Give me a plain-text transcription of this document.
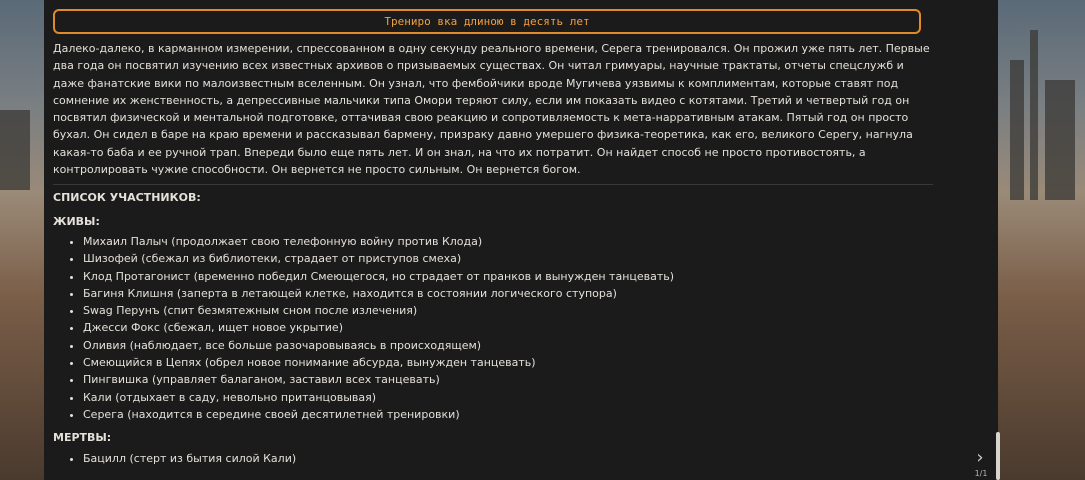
Трениро вка длиною в десять лет

Далеко-далеко, в карманном измерении, спрессованном в одну секунду реального времени, Серега тренировался. Он прожил уже пять лет. Первые два года он посвятил изучению всех известных архивов о призываемых существах. Он читал гримуары, научные трактаты, отчеты спецслужб и даже фанатские вики по малоизвестным вселенным. Он узнал, что фембойчики вроде Мугичева уязвимы к комплиментам, которые ставят под сомнение их женственность, а депрессивные мальчики типа Омори теряют силу, если им показать видео с котятами. Третий и четвертый год он посвятил физической и ментальной подготовке, оттачивая свою реакцию и сопротивляемость к мета-нарративным атакам. Пятый год он просто бухал. Он сидел в баре на краю времени и рассказывал бармену, призраку давно умершего физика-теоретика, как его, великого Серегу, нагнула какая-то баба и ее ручной трап. Впереди было еще пять лет. И он знал, на что их потратит. Он найдет способ не просто противостоять, а контролировать чужие способности. Он вернется не просто сильным. Он вернется богом.

СПИСОК УЧАСТНИКОВ:

ЖИВЫ:

• Михаил Палыч (продолжает свою телефонную войну против Клода)
• Шизофей (сбежал из библиотеки, страдает от приступов смеха)
• Клод Протагонист (временно победил Смеющегося, но страдает от пранков и вынужден танцевать)
• Багиня Клишня (заперта в летающей клетке, находится в состоянии логического ступора)
• Swag Перунъ (спит безмятежным сном после излечения)
• Джесси Фокс (сбежал, ищет новое укрытие)
• Оливия (наблюдает, все больше разочаровываясь в происходящем)
• Смеющийся в Цепях (обрел новое понимание абсурда, вынужден танцевать)
• Пингвишка (управляет балаганом, заставил всех танцевать)
• Кали (отдыхает в саду, невольно пританцовывая)
• Серега (находится в середине своей десятилетней тренировки)

МЕРТВЫ:

• Бацилл (стерт из бытия силой Кали)	›
1/1
